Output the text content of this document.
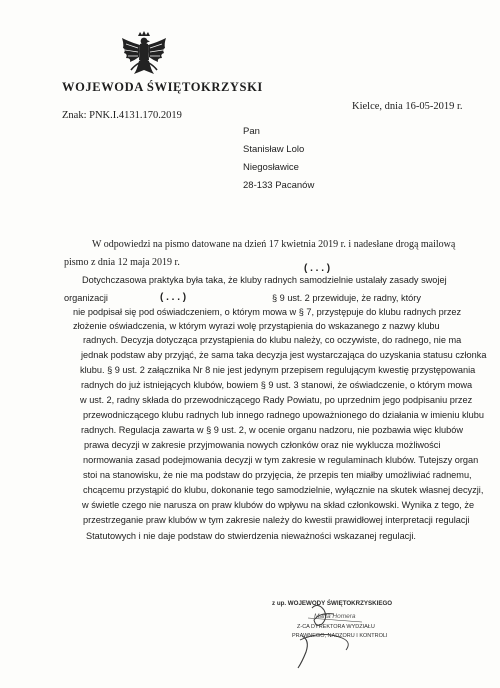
WOJEWODA ŚWIĘTOKRZYSKI
Kielce, dnia 16-05-2019 r.
Znak: PNK.I.4131.170.2019
Pan
Stanisław Lolo
Niegosławice
28-133 Pacanów
W odpowiedzi na pismo datowane na dzień 17 kwietnia 2019 r. i nadesłane drogą mailową
pismo z dnia 12 maja 2019 r.
( . . . )
Dotychczasowa praktyka była taka, że kluby radnych samodzielnie ustalały zasady swojej
organizacji	( . . . )	§ 9 ust. 2 przewiduje, że radny, który
nie podpisał się pod oświadczeniem, o którym mowa w § 7, przystępuje do klubu radnych przez
złożenie oświadczenia, w którym wyrazi wolę przystąpienia do wskazanego z nazwy klubu
radnych. Decyzja dotycząca przystąpienia do klubu należy, co oczywiste, do radnego, nie ma
jednak podstaw aby przyjąć, że sama taka decyzja jest wystarczająca do uzyskania statusu członka
klubu. § 9 ust. 2 załącznika Nr 8 nie jest jedynym przepisem regulującym kwestię przystępowania
radnych do już istniejących klubów, bowiem § 9 ust. 3 stanowi, że oświadczenie, o którym mowa
w ust. 2, radny składa do przewodniczącego Rady Powiatu, po uprzednim jego podpisaniu przez
przewodniczącego klubu radnych lub innego radnego upoważnionego do działania w imieniu klubu
radnych. Regulacja zawarta w § 9 ust. 2, w ocenie organu nadzoru, nie pozbawia więc klubów
prawa decyzji w zakresie przyjmowania nowych członków oraz nie wyklucza możliwości
normowania zasad podejmowania decyzji w tym zakresie w regulaminach klubów. Tutejszy organ
stoi na stanowisku, że nie ma podstaw do przyjęcia, że przepis ten miałby umożliwiać radnemu,
chcącemu przystąpić do klubu, dokonanie tego samodzielnie, wyłącznie na skutek własnej decyzji,
w świetle czego nie narusza on praw klubów do wpływu na skład członkowski. Wynika z tego, że
przestrzeganie praw klubów w tym zakresie należy do kwestii prawidłowej interpretacji regulacji
Statutowych i nie daje podstaw do stwierdzenia nieważności wskazanej regulacji.
z up. WOJEWODY ŚWIĘTOKRZYSKIEGO
Marta Homera
Z-CA DYREKTORA WYDZIAŁU
PRAWNEGO, NADZORU I KONTROLI
